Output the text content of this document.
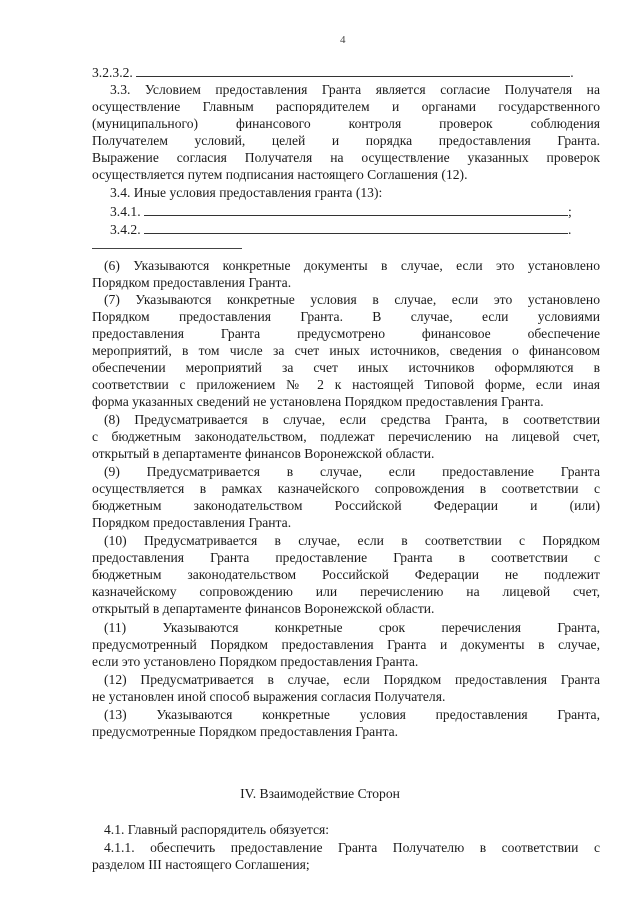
4
3.2.3.2.	.
3.3. Условием предоставления Гранта является согласие Получателя на
осуществление Главным распорядителем и органами государственного
(муниципального) финансового контроля проверок соблюдения
Получателем условий, целей и порядка предоставления Гранта.
Выражение согласия Получателя на осуществление указанных проверок
осуществляется путем подписания настоящего Соглашения (12).
3.4. Иные условия предоставления гранта (13):
3.4.1.	;
3.4.2.	.
(6) Указываются конкретные документы в случае, если это установлено
Порядком предоставления Гранта.
(7) Указываются конкретные условия в случае, если это установлено
Порядком предоставления Гранта. В случае, если условиями
предоставления Гранта предусмотрено финансовое обеспечение
мероприятий, в том числе за счет иных источников, сведения о финансовом
обеспечении мероприятий за счет иных источников оформляются в
соответствии с приложением № 2 к настоящей Типовой форме, если иная
форма указанных сведений не установлена Порядком предоставления Гранта.
(8) Предусматривается в случае, если средства Гранта, в соответствии
с бюджетным законодательством, подлежат перечислению на лицевой счет,
открытый в департаменте финансов Воронежской области.
(9) Предусматривается в случае, если предоставление Гранта
осуществляется в рамках казначейского сопровождения в соответствии с
бюджетным законодательством Российской Федерации и (или)
Порядком предоставления Гранта.
(10) Предусматривается в случае, если в соответствии с Порядком
предоставления Гранта предоставление Гранта в соответствии с
бюджетным законодательством Российской Федерации не подлежит
казначейскому сопровождению или перечислению на лицевой счет,
открытый в департаменте финансов Воронежской области.
(11) Указываются конкретные срок перечисления Гранта,
предусмотренный Порядком предоставления Гранта и документы в случае,
если это установлено Порядком предоставления Гранта.
(12) Предусматривается в случае, если Порядком предоставления Гранта
не установлен иной способ выражения согласия Получателя.
(13) Указываются конкретные условия предоставления Гранта,
предусмотренные Порядком предоставления Гранта.
IV. Взаимодействие Сторон
4.1. Главный распорядитель обязуется:
4.1.1. обеспечить предоставление Гранта Получателю в соответствии с
разделом III настоящего Соглашения;
